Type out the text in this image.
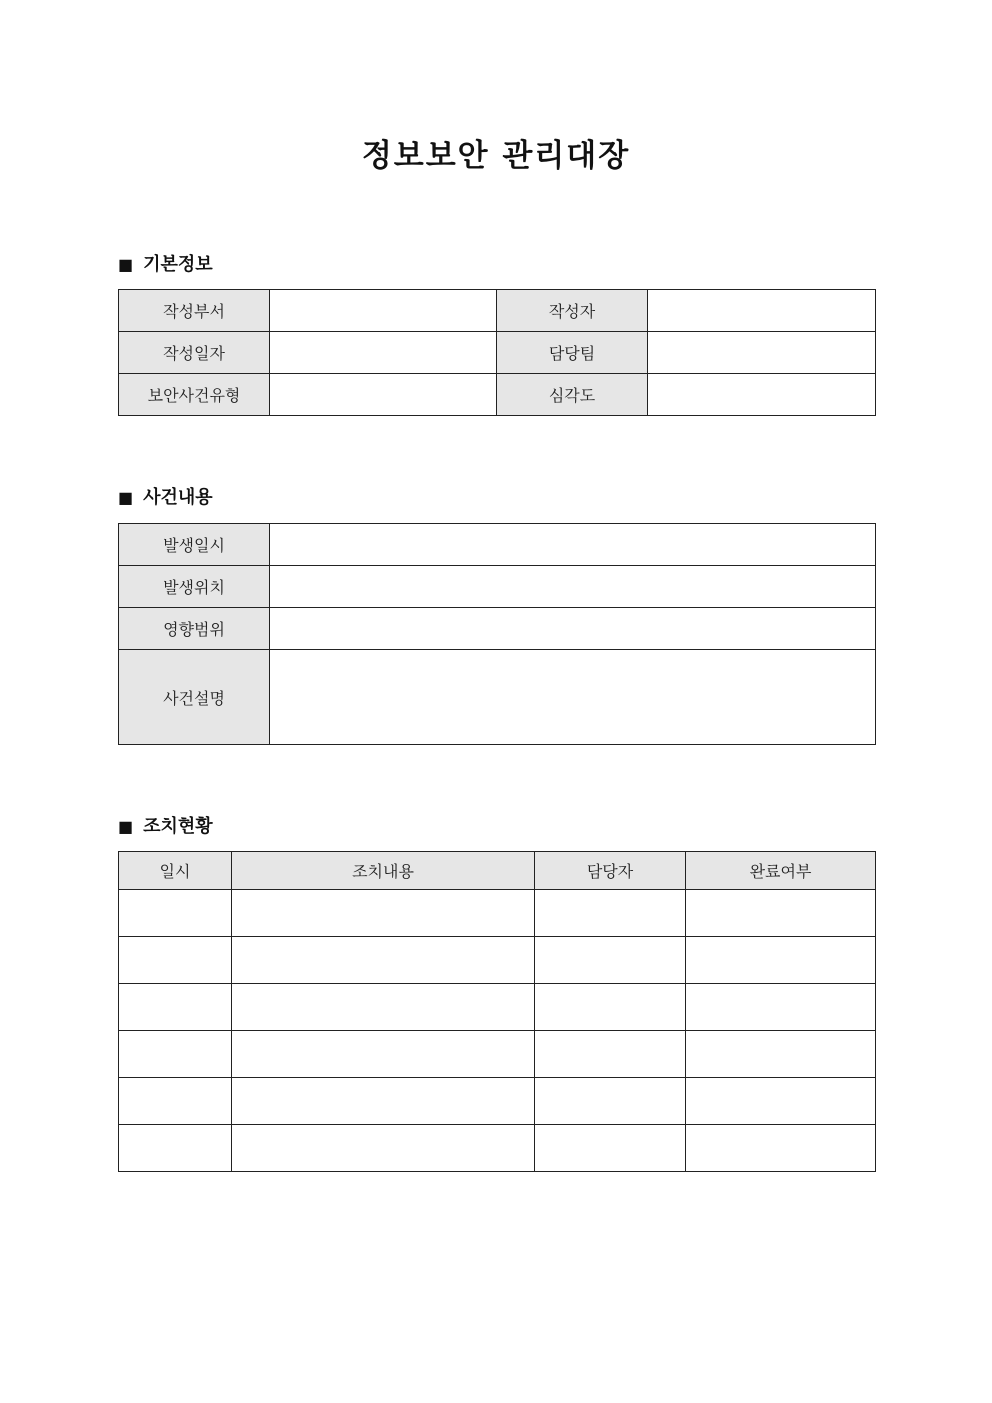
정보보안 관리대장
■ 기본정보
작성부서		작성자	
작성일자		담당팀	
보안사건유형		심각도	
■ 사건내용
발생일시	
발생위치	
영향범위	
사건설명	
■ 조치현황
일시	조치내용	담당자	완료여부
